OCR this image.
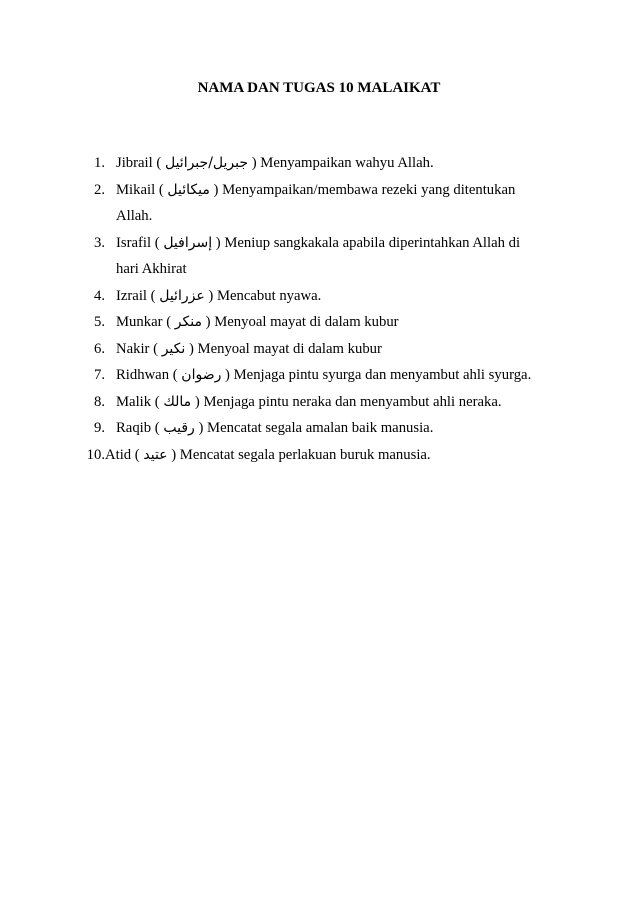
NAMA DAN TUGAS 10 MALAIKAT
1. Jibrail ( جبرائيل/جبريل ) Menyampaikan wahyu Allah.
2. Mikail ( ميكائيل ) Menyampaikan/membawa rezeki yang ditentukan
Allah.
3. Israfil ( إسرافيل ) Meniup sangkakala apabila diperintahkan Allah di
hari Akhirat
4. Izrail ( عزرائيل ) Mencabut nyawa.
5. Munkar ( منكر ) Menyoal mayat di dalam kubur
6. Nakir ( نكير ) Menyoal mayat di dalam kubur
7. Ridhwan ( رضوان ) Menjaga pintu syurga dan menyambut ahli syurga.
8. Malik ( مالك ) Menjaga pintu neraka dan menyambut ahli neraka.
9. Raqib ( رقيب ) Mencatat segala amalan baik manusia.
10. Atid ( عتيد ) Mencatat segala perlakuan buruk manusia.
